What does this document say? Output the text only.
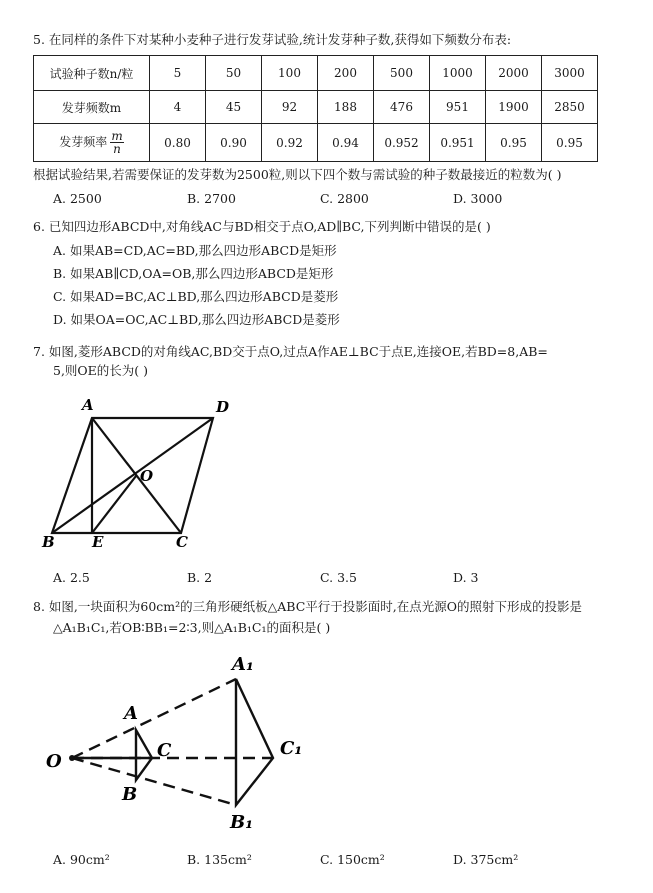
5. 在同样的条件下对某种小麦种子进行发芽试验,统计发芽种子数,获得如下频数分布表:
试验种子数n/粒	5	50	100	200	500	1000	2000	3000
发芽频数m	4	45	92	188	476	951	1900	2850
发芽频率 $\frac{m}{n}$	0.80	0.90	0.92	0.94	0.952	0.951	0.95	0.95
根据试验结果,若需要保证的发芽数为2500粒,则以下四个数与需试验的种子数最接近的粒数为( )
A. 2500	B. 2700	C. 2800	D. 3000
6. 已知四边形ABCD中,对角线AC与BD相交于点O,AD∥BC,下列判断中错误的是( )
A. 如果AB=CD,AC=BD,那么四边形ABCD是矩形
B. 如果AB∥CD,OA=OB,那么四边形ABCD是矩形
C. 如果AD=BC,AC⊥BD,那么四边形ABCD是菱形
D. 如果OA=OC,AC⊥BD,那么四边形ABCD是菱形
7. 如图,菱形ABCD的对角线AC,BD交于点O,过点A作AE⊥BC于点E,连接OE,若BD=8,AB=
5,则OE的长为( )
A	D
O
B E	C
A. 2.5	B. 2	C. 3.5	D. 3
8. 如图,一块面积为60cm²的三角形硬纸板△ABC平行于投影面时,在点光源O的照射下形成的投影是
△A₁B₁C₁,若OB∶BB₁=2∶3,则△A₁B₁C₁的面积是( )
O
A
C
B
A₁
C₁
B₁
A. 90cm²	B. 135cm²	C. 150cm²	D. 375cm²
